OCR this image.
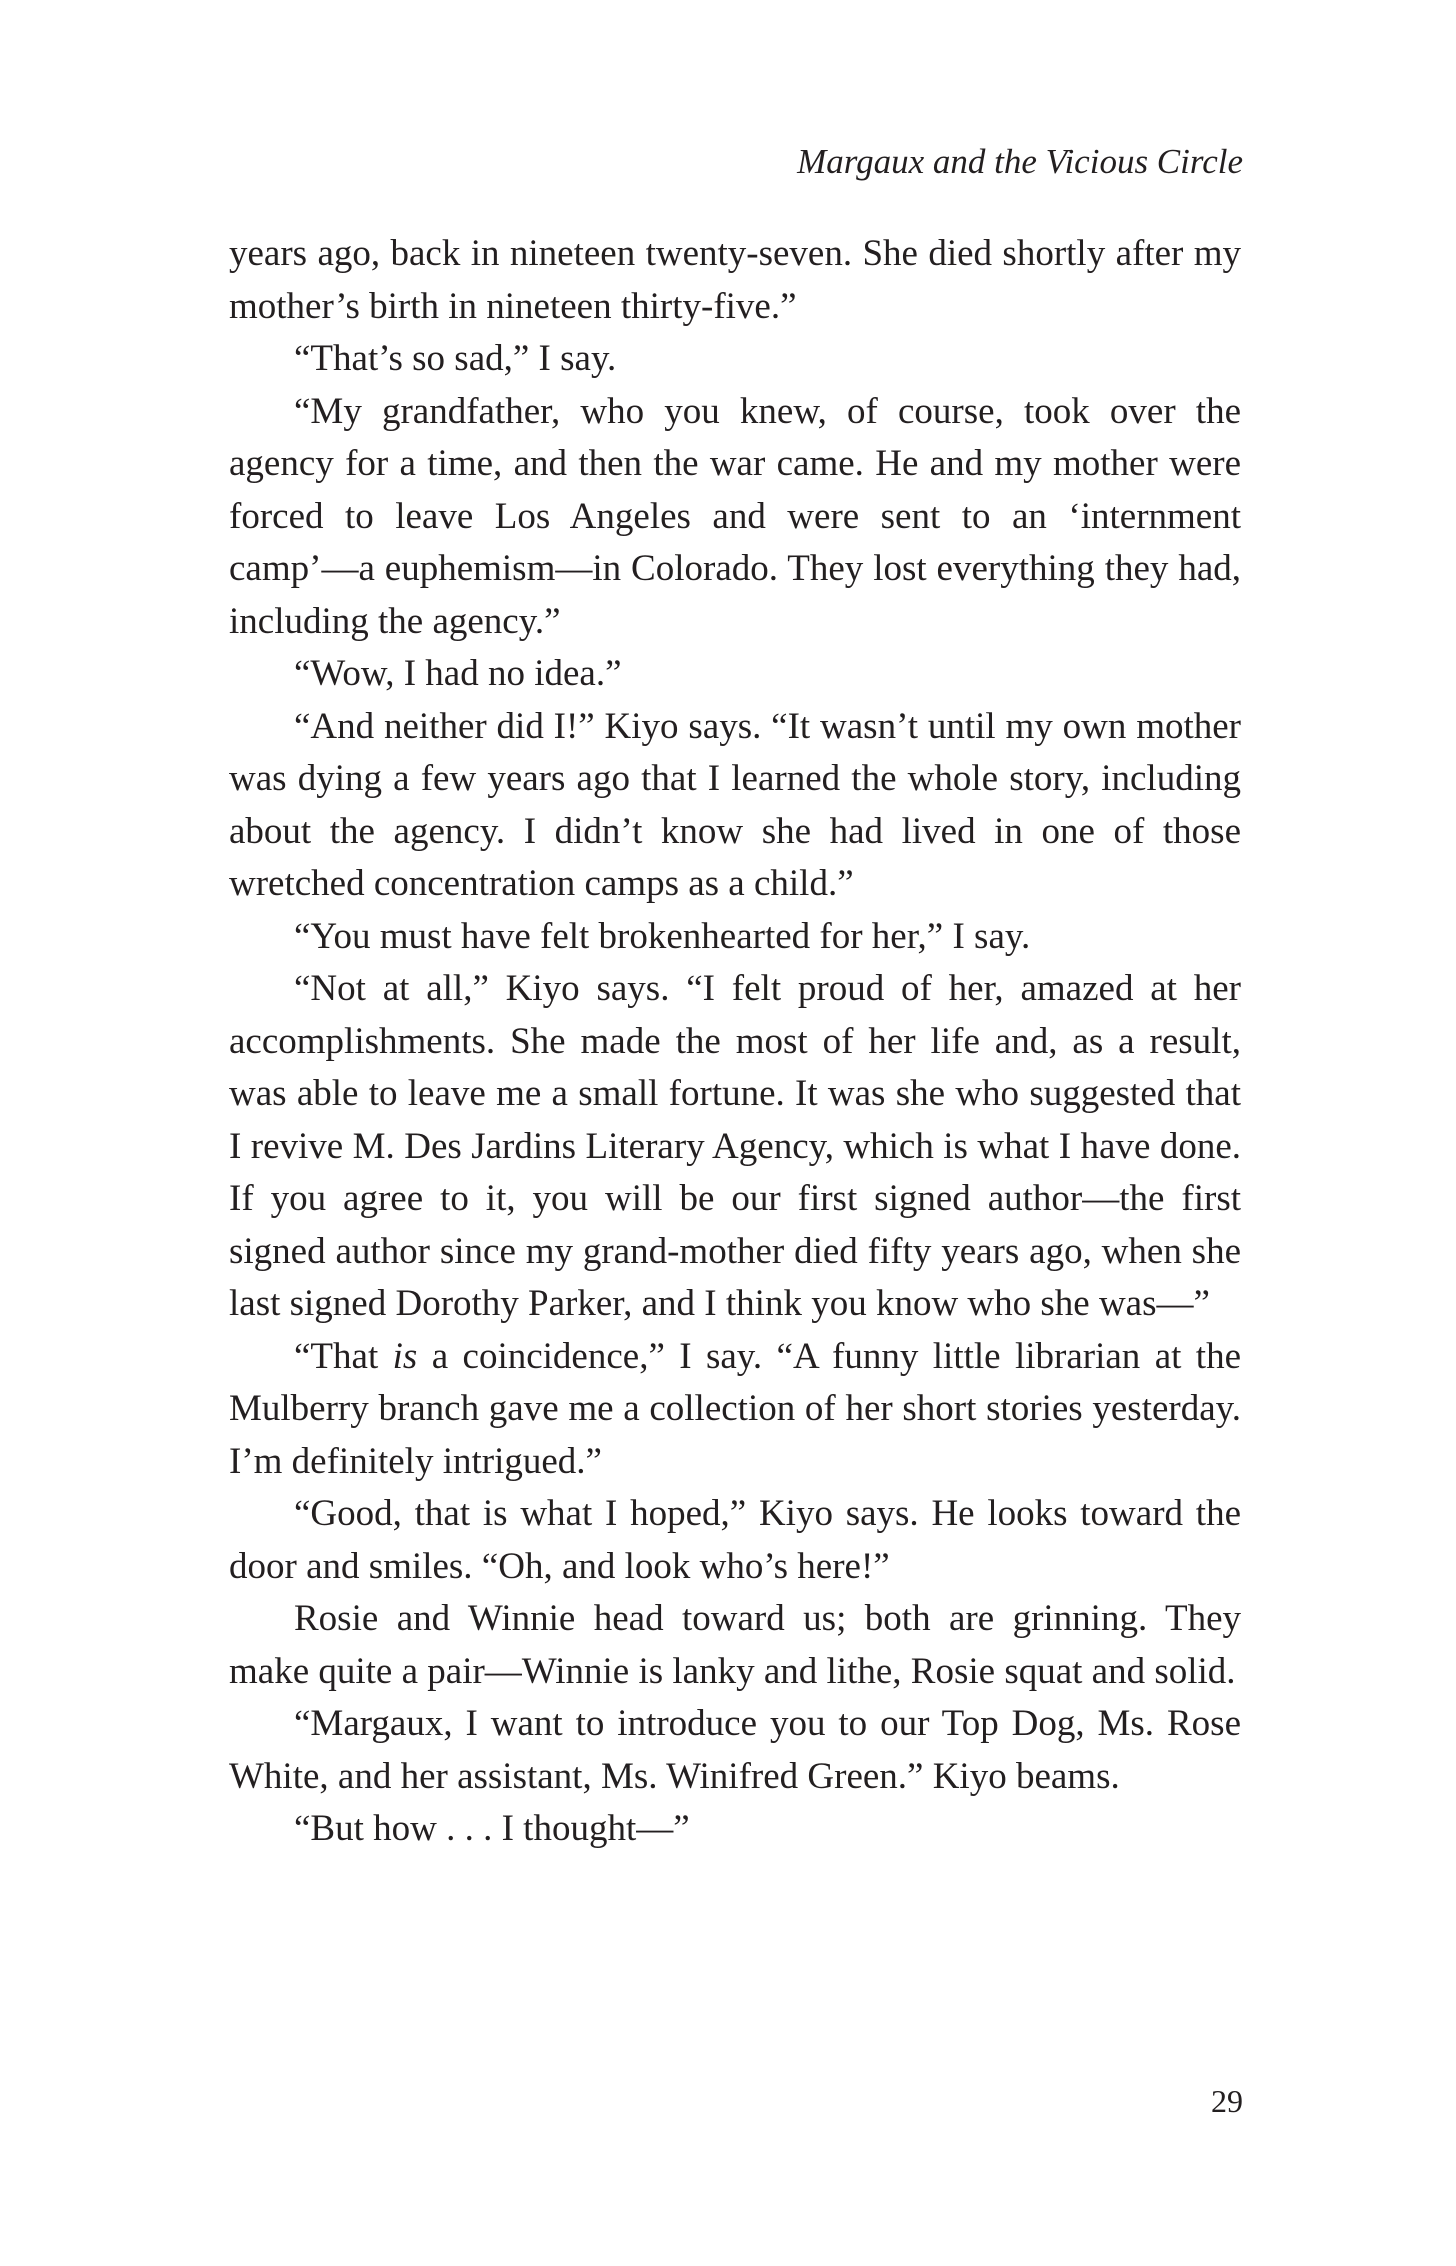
Margaux and the Vicious Circle

years ago, back in nineteen twenty-seven. She died shortly after my mother’s birth in nineteen thirty-five.”

“That’s so sad,” I say.

“My grandfather, who you knew, of course, took over the agency for a time, and then the war came. He and my mother were forced to leave Los Angeles and were sent to an ‘internment camp’—a euphemism—in Colorado. They lost everything they had, including the agency.”

“Wow, I had no idea.”

“And neither did I!” Kiyo says. “It wasn’t until my own mother was dying a few years ago that I learned the whole story, including about the agency. I didn’t know she had lived in one of those wretched concentration camps as a child.”

“You must have felt brokenhearted for her,” I say.

“Not at all,” Kiyo says. “I felt proud of her, amazed at her accomplishments. She made the most of her life and, as a result, was able to leave me a small fortune. It was she who suggested that I revive M. Des Jardins Literary Agency, which is what I have done. If you agree to it, you will be our first signed author—the first signed author since my grand-mother died fifty years ago, when she last signed Dorothy Parker, and I think you know who she was—”

“That is a coincidence,” I say. “A funny little librarian at the Mulberry branch gave me a collection of her short stories yesterday. I’m definitely intrigued.”

“Good, that is what I hoped,” Kiyo says. He looks toward the door and smiles. “Oh, and look who’s here!”

Rosie and Winnie head toward us; both are grinning. They make quite a pair—Winnie is lanky and lithe, Rosie squat and solid.

“Margaux, I want to introduce you to our Top Dog, Ms. Rose White, and her assistant, Ms. Winifred Green.” Kiyo beams.

“But how . . . I thought—”

29
